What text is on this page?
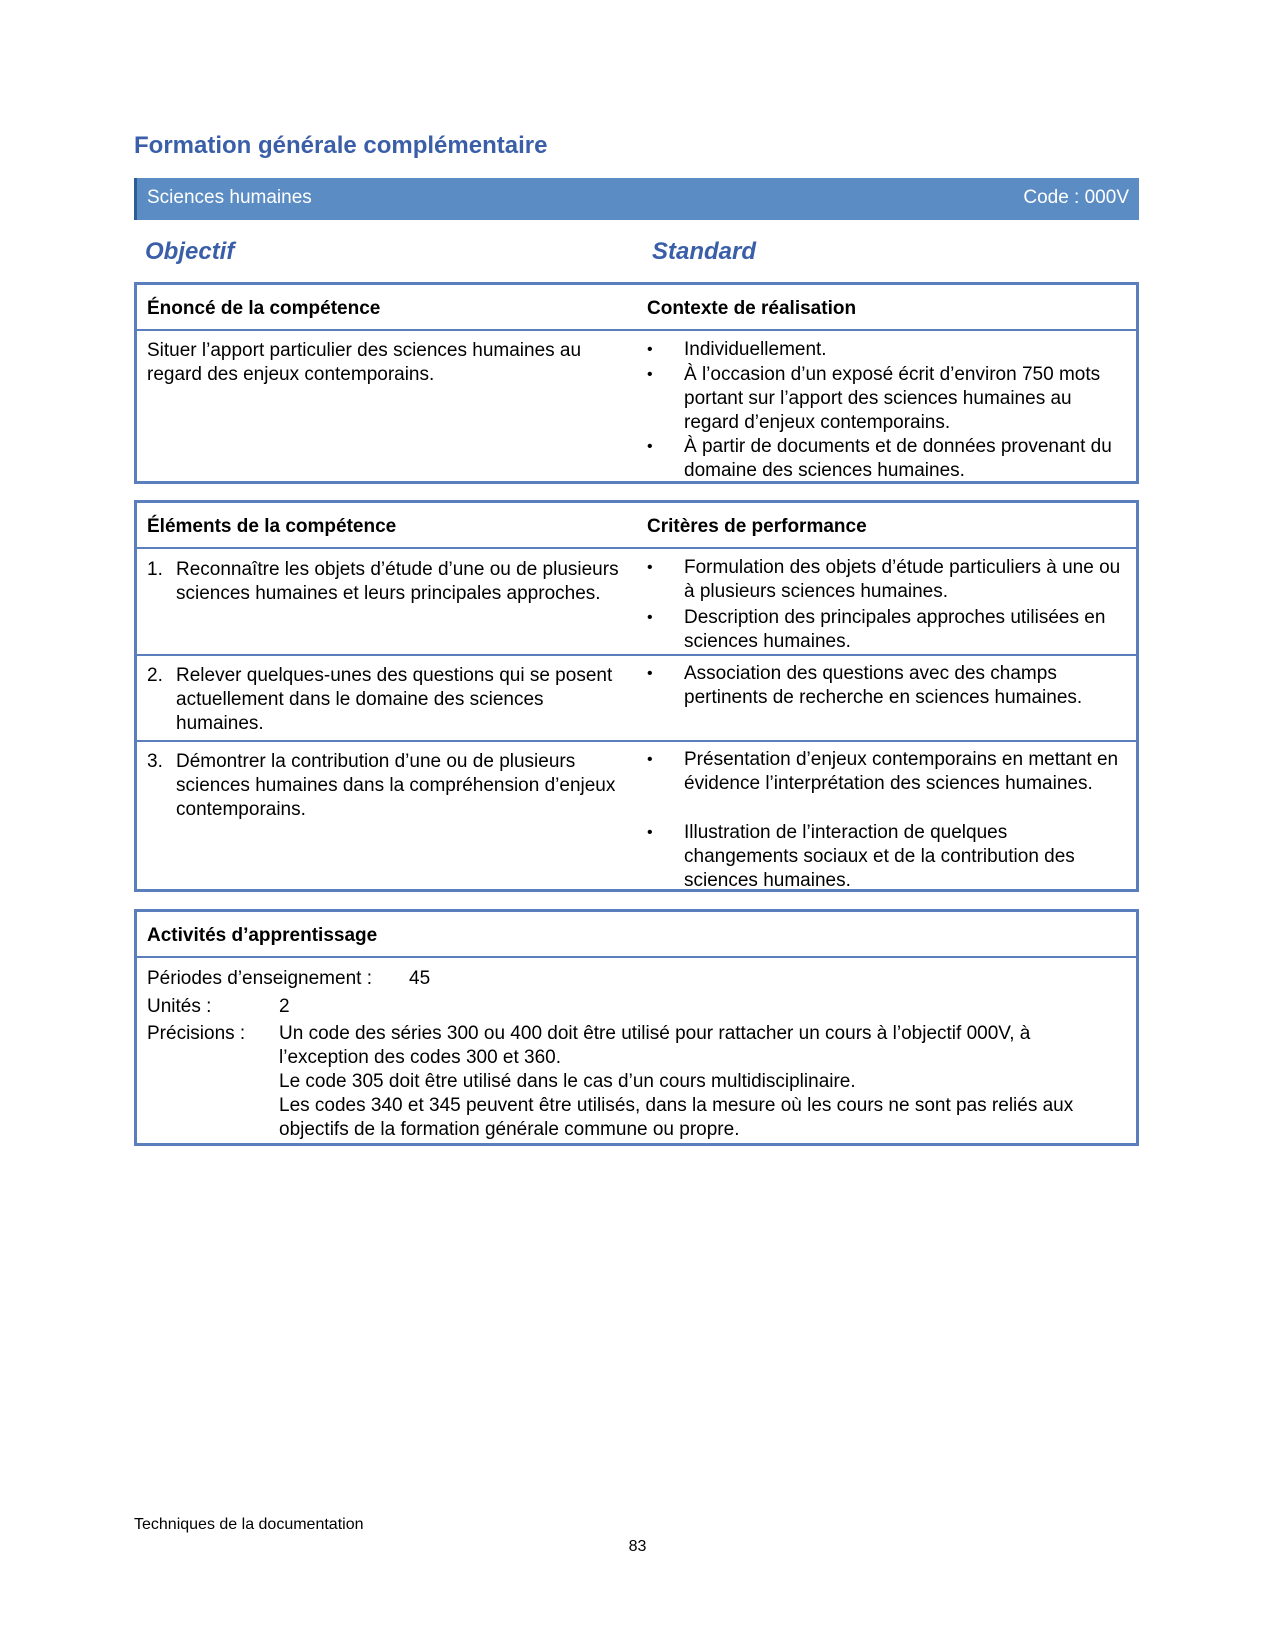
Formation générale complémentaire
Sciences humaines	Code : 000V
Objectif	Standard
Énoncé de la compétence	Contexte de réalisation
Situer l’apport particulier des sciences humaines au regard des enjeux contemporains.
• Individuellement.
• À l’occasion d’un exposé écrit d’environ 750 mots portant sur l’apport des sciences humaines au regard d’enjeux contemporains.
• À partir de documents et de données provenant du domaine des sciences humaines.
Éléments de la compétence	Critères de performance
1. Reconnaître les objets d’étude d’une ou de plusieurs sciences humaines et leurs principales approches.
• Formulation des objets d’étude particuliers à une ou à plusieurs sciences humaines.
• Description des principales approches utilisées en sciences humaines.
2. Relever quelques-unes des questions qui se posent actuellement dans le domaine des sciences humaines.
• Association des questions avec des champs pertinents de recherche en sciences humaines.
3. Démontrer la contribution d’une ou de plusieurs sciences humaines dans la compréhension d’enjeux contemporains.
• Présentation d’enjeux contemporains en mettant en évidence l’interprétation des sciences humaines.
• Illustration de l’interaction de quelques changements sociaux et de la contribution des sciences humaines.
Activités d’apprentissage
Périodes d’enseignement : 45
Unités :	2
Précisions : Un code des séries 300 ou 400 doit être utilisé pour rattacher un cours à l’objectif 000V, à l’exception des codes 300 et 360.
Le code 305 doit être utilisé dans le cas d’un cours multidisciplinaire.
Les codes 340 et 345 peuvent être utilisés, dans la mesure où les cours ne sont pas reliés aux objectifs de la formation générale commune ou propre.
Techniques de la documentation
83
